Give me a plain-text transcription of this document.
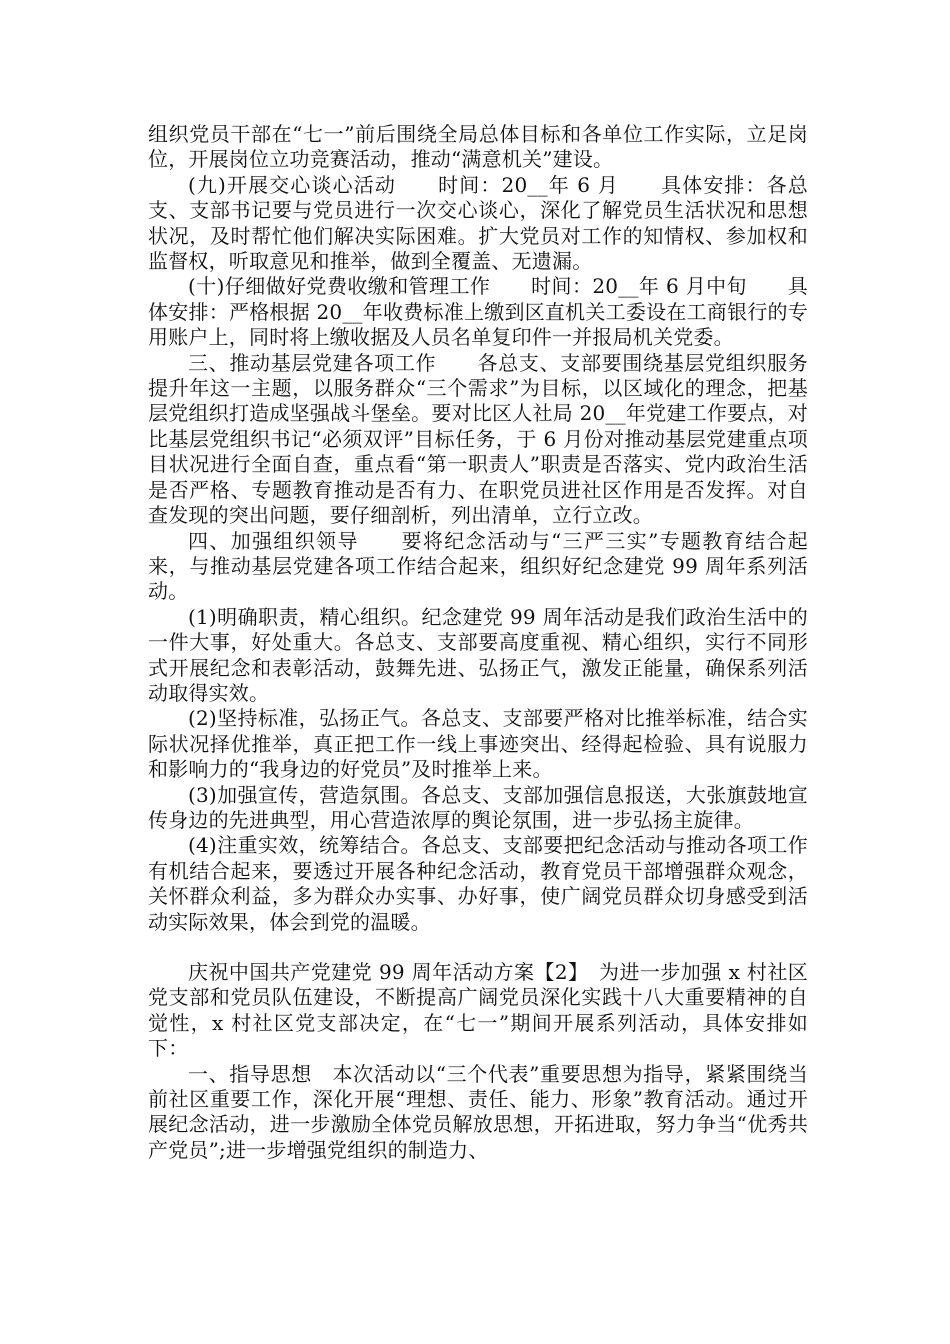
组织党员干部在“七一”前后围绕全局总体目标和各单位工作实际，立足岗位，开展岗位立功竞赛活动，推动“满意机关”建设。

(九)开展交心谈心活动　　时间：20__年 6 月　　具体安排：各总支、支部书记要与党员进行一次交心谈心，深化了解党员生活状况和思想状况，及时帮忙他们解决实际困难。扩大党员对工作的知情权、参加权和监督权，听取意见和推举，做到全覆盖、无遗漏。

(十)仔细做好党费收缴和管理工作　　时间：20__年 6 月中旬　　具体安排：严格根据 20__年收费标准上缴到区直机关工委设在工商银行的专用账户上，同时将上缴收据及人员名单复印件一并报局机关党委。

三、推动基层党建各项工作　　各总支、支部要围绕基层党组织服务提升年这一主题，以服务群众“三个需求”为目标，以区域化的理念，把基层党组织打造成坚强战斗堡垒。要对比区人社局 20__年党建工作要点，对比基层党组织书记“必须双评”目标任务，于 6 月份对推动基层党建重点项目状况进行全面自查，重点看“第一职责人”职责是否落实、党内政治生活是否严格、专题教育推动是否有力、在职党员进社区作用是否发挥。对自查发现的突出问题，要仔细剖析，列出清单，立行立改。

四、加强组织领导　　要将纪念活动与“三严三实”专题教育结合起来，与推动基层党建各项工作结合起来，组织好纪念建党 99 周年系列活动。

(1)明确职责，精心组织。纪念建党 99 周年活动是我们政治生活中的一件大事，好处重大。各总支、支部要高度重视、精心组织，实行不同形式开展纪念和表彰活动，鼓舞先进、弘扬正气，激发正能量，确保系列活动取得实效。

(2)坚持标准，弘扬正气。各总支、支部要严格对比推举标准，结合实际状况择优推举，真正把工作一线上事迹突出、经得起检验、具有说服力和影响力的“我身边的好党员”及时推举上来。

(3)加强宣传，营造氛围。各总支、支部加强信息报送，大张旗鼓地宣传身边的先进典型，用心营造浓厚的舆论氛围，进一步弘扬主旋律。

(4)注重实效，统筹结合。各总支、支部要把纪念活动与推动各项工作有机结合起来，要透过开展各种纪念活动，教育党员干部增强群众观念，关怀群众利益，多为群众办实事、办好事，使广阔党员群众切身感受到活动实际效果，体会到党的温暖。

庆祝中国共产党建党 99 周年活动方案【2】　为进一步加强 x 村社区党支部和党员队伍建设，不断提高广阔党员深化实践十八大重要精神的自觉性，x 村社区党支部决定，在“七一”期间开展系列活动，具体安排如下：

一、指导思想　本次活动以“三个代表”重要思想为指导，紧紧围绕当前社区重要工作，深化开展“理想、责任、能力、形象”教育活动。通过开展纪念活动，进一步激励全体党员解放思想，开拓进取，努力争当“优秀共产党员”;进一步增强党组织的制造力、
